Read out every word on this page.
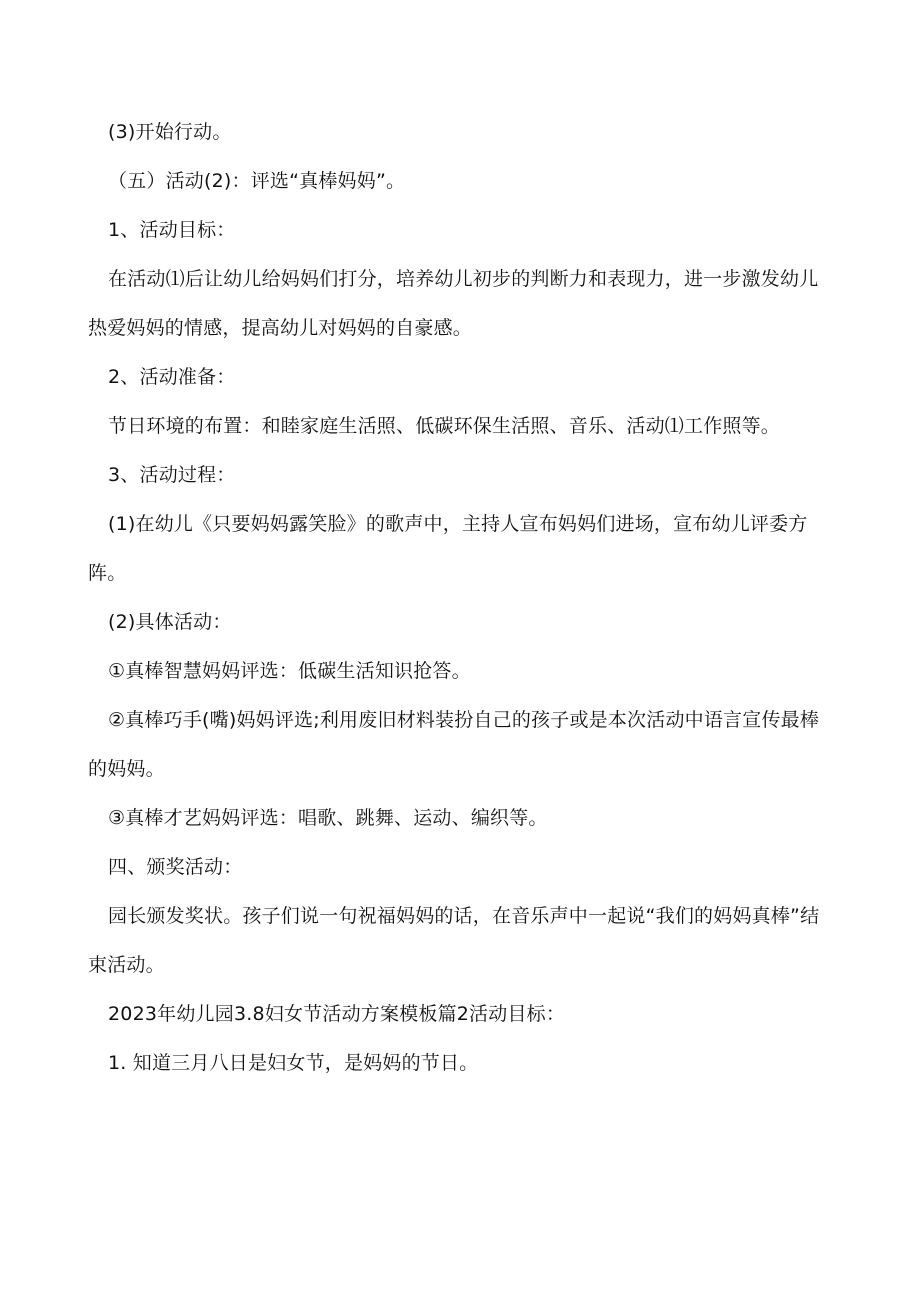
(3)开始行动。

（五）活动(2)：评选“真棒妈妈”。

1、活动目标：

在活动⑴后让幼儿给妈妈们打分，培养幼儿初步的判断力和表现力，进一步激发幼儿热爱妈妈的情感，提高幼儿对妈妈的自豪感。

2、活动准备：

节日环境的布置：和睦家庭生活照、低碳环保生活照、音乐、活动⑴工作照等。

3、活动过程：

(1)在幼儿《只要妈妈露笑脸》的歌声中，主持人宣布妈妈们进场，宣布幼儿评委方阵。

(2)具体活动：

①真棒智慧妈妈评选：低碳生活知识抢答。

②真棒巧手(嘴)妈妈评选;利用废旧材料装扮自己的孩子或是本次活动中语言宣传最棒的妈妈。

③真棒才艺妈妈评选：唱歌、跳舞、运动、编织等。

四、颁奖活动：

园长颁发奖状。孩子们说一句祝福妈妈的话，在音乐声中一起说“我们的妈妈真棒”结束活动。

2023年幼儿园3.8妇女节活动方案模板篇2活动目标：

1. 知道三月八日是妇女节，是妈妈的节日。
